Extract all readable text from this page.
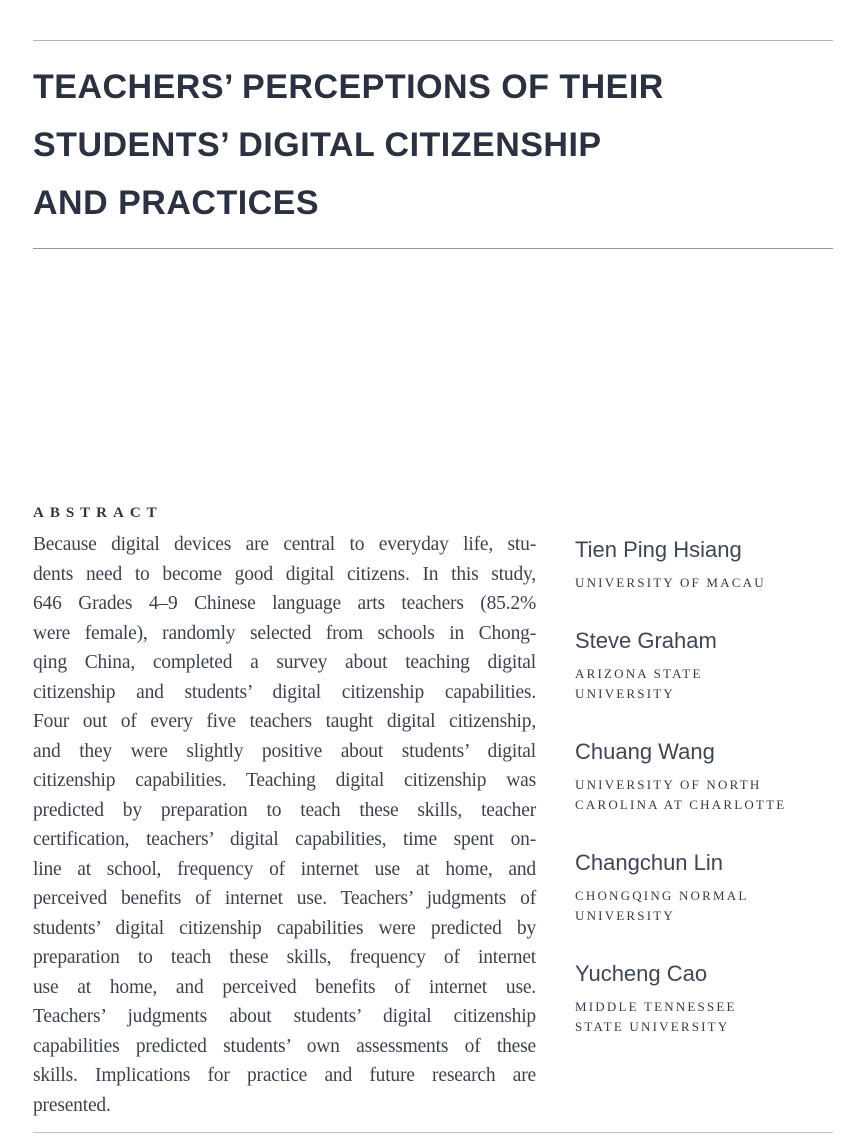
TEACHERS’ PERCEPTIONS OF THEIR
STUDENTS’ DIGITAL CITIZENSHIP
AND PRACTICES
ABSTRACT
Because digital devices are central to everyday life, stu-
dents need to become good digital citizens. In this study,
646 Grades 4–9 Chinese language arts teachers (85.2%
were female), randomly selected from schools in Chong-
qing China, completed a survey about teaching digital
citizenship and students’ digital citizenship capabilities.
Four out of every five teachers taught digital citizenship,
and they were slightly positive about students’ digital
citizenship capabilities. Teaching digital citizenship was
predicted by preparation to teach these skills, teacher
certification, teachers’ digital capabilities, time spent on-
line at school, frequency of internet use at home, and
perceived benefits of internet use. Teachers’ judgments of
students’ digital citizenship capabilities were predicted by
preparation to teach these skills, frequency of internet
use at home, and perceived benefits of internet use.
Teachers’ judgments about students’ digital citizenship
capabilities predicted students’ own assessments of these
skills. Implications for practice and future research are
presented.

Tien Ping Hsiang

UNIVERSITY OF MACAU

Steve Graham

ARIZONA STATE
UNIVERSITY

Chuang Wang

UNIVERSITY OF NORTH
CAROLINA AT CHARLOTTE

Changchun Lin

CHONGQING NORMAL
UNIVERSITY

Yucheng Cao

MIDDLE TENNESSEE
STATE UNIVERSITY
